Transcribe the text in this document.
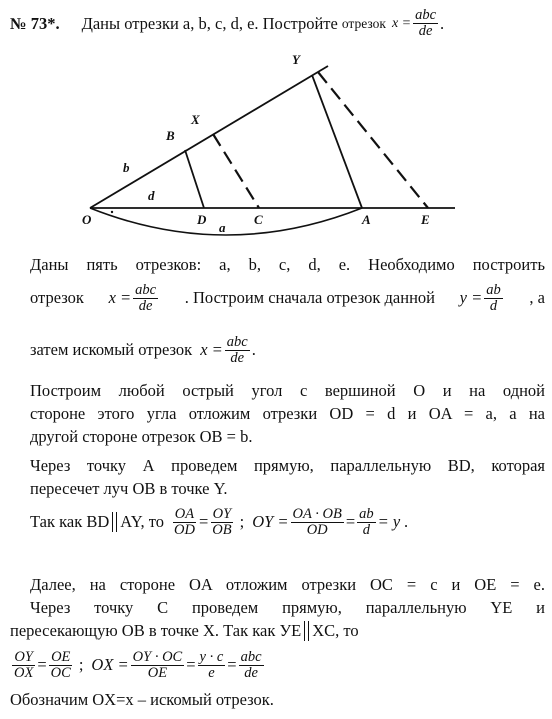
№ 73*. Даны отрезки a, b, c, d, e. Постройте отрезок $x = \frac{\text{abc}}{de}$ .
O	D	C	A	E
B
X
Y
b
d
a
Даны пять отрезков: a, b, c, d, e. Необходимо построить
отрезок $x = \frac{\text{abc}}{de}$ . Построим сначала отрезок данной $y = \frac{ab}{d}$ , а
затем искомый отрезок $x = \frac{\text{abc}}{de}$ .
Построим любой острый угол с вершиной О и на одной
стороне этого угла отложим отрезки OD = d и OA = a, а на
другой стороне отрезок OB = b.
Через точку А проведем прямую, параллельную BD, которая
пересечет луч OB в точке Y.
Так как BD AY, то $\frac{OA}{OD} = \frac{OY}{OB}$ ; OY = $\frac{OA \cdot OB}{OD} = \frac{ab}{d} = y$ .
Далее, на стороне OA отложим отрезки OC = c и OE = e.
Через точку С проведем прямую, параллельную YE и
пересекающую OB в точке X. Так как УЕ XC, то
$\frac{OY}{OX} = \frac{OE}{OC}$ ; OX = $\frac{OY \cdot OC}{OE} = \frac{y \cdot c}{e} = \frac{\text{abc}}{de}$
Обозначим OX=x – искомый отрезок.
